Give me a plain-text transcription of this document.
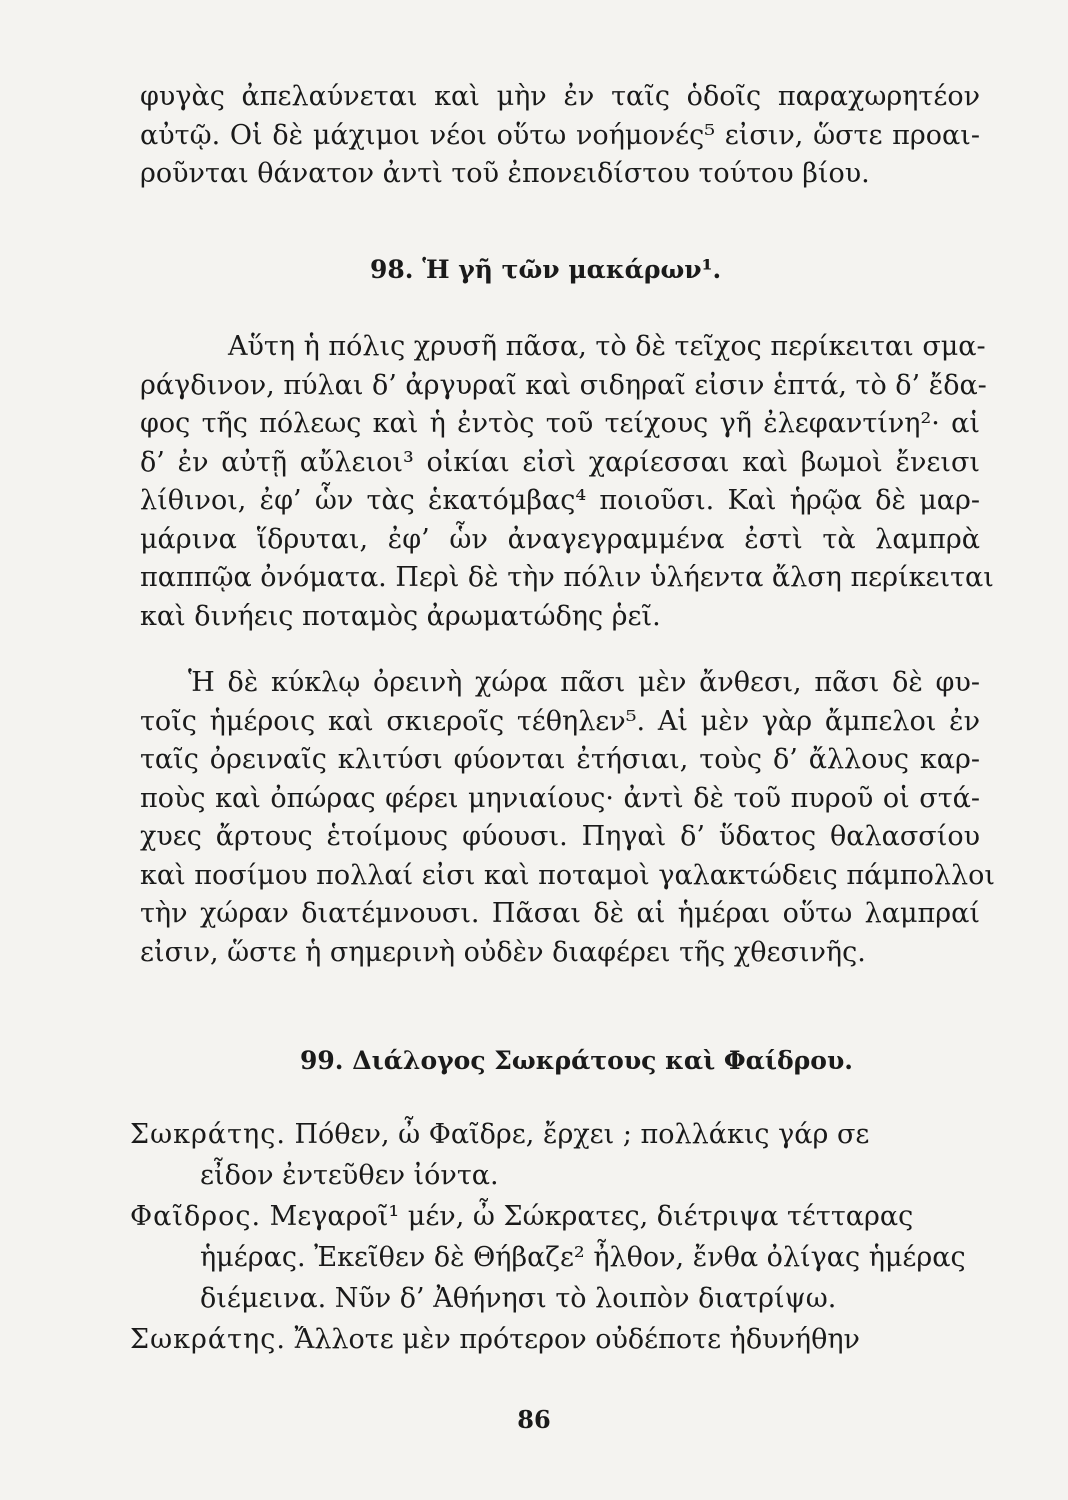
φυγὰς ἀπελαύνεται καὶ μὴν ἐν ταῖς ὁδοῖς παραχωρητέον
αὐτῷ. Οἱ δὲ μάχιμοι νέοι οὕτω νοήμονές⁵ εἰσιν, ὥστε προαι-
ροῦνται θάνατον ἀντὶ τοῦ ἐπονειδίστου τούτου βίου.
98. Ἡ γῆ τῶν μακάρων¹.
Αὕτη ἡ πόλις χρυσῆ πᾶσα, τὸ δὲ τεῖχος περίκειται σμα-
ράγδινον, πύλαι δ’ ἀργυραῖ καὶ σιδηραῖ εἰσιν ἑπτά, τὸ δ’ ἔδα-
φος τῆς πόλεως καὶ ἡ ἐντὸς τοῦ τείχους γῆ ἐλεφαντίνη²· αἱ
δ’ ἐν αὐτῇ αὔλειοι³ οἰκίαι εἰσὶ χαρίεσσαι καὶ βωμοὶ ἔνεισι
λίθινοι, ἐφ’ ὧν τὰς ἑκατόμβας⁴ ποιοῦσι. Καὶ ἡρῷα δὲ μαρ-
μάρινα ἵδρυται, ἐφ’ ὧν ἀναγεγραμμένα ἐστὶ τὰ λαμπρὰ
παππῷα ὀνόματα. Περὶ δὲ τὴν πόλιν ὑλήεντα ἄλση περίκειται
καὶ δινήεις ποταμὸς ἀρωματώδης ῥεῖ.
Ἡ δὲ κύκλῳ ὀρεινὴ χώρα πᾶσι μὲν ἄνθεσι, πᾶσι δὲ φυ-
τοῖς ἡμέροις καὶ σκιεροῖς τέθηλεν⁵. Αἱ μὲν γὰρ ἄμπελοι ἐν
ταῖς ὀρειναῖς κλιτύσι φύονται ἐτήσιαι, τοὺς δ’ ἄλλους καρ-
ποὺς καὶ ὀπώρας φέρει μηνιαίους· ἀντὶ δὲ τοῦ πυροῦ οἱ στά-
χυες ἄρτους ἑτοίμους φύουσι. Πηγαὶ δ’ ὕδατος θαλασσίου
καὶ ποσίμου πολλαί εἰσι καὶ ποταμοὶ γαλακτώδεις πάμπολλοι
τὴν χώραν διατέμνουσι. Πᾶσαι δὲ αἱ ἡμέραι οὕτω λαμπραί
εἰσιν, ὥστε ἡ σημερινὴ οὐδὲν διαφέρει τῆς χθεσινῆς.
99. Διάλογος Σωκράτους καὶ Φαίδρου.
Σωκράτης. Πόθεν, ὦ Φαῖδρε, ἔρχει ; πολλάκις γάρ σε
εἶδον ἐντεῦθεν ἰόντα.
Φαῖδρος. Μεγαροῖ¹ μέν, ὦ Σώκρατες, διέτριψα τέτταρας
ἡμέρας. Ἐκεῖθεν δὲ Θήβαζε² ἦλθον, ἔνθα ὀλίγας ἡμέρας
διέμεινα. Νῦν δ’ Ἀθήνησι τὸ λοιπὸν διατρίψω.
Σωκράτης. Ἄλλοτε μὲν πρότερον οὐδέποτε ἠδυνήθην
86
